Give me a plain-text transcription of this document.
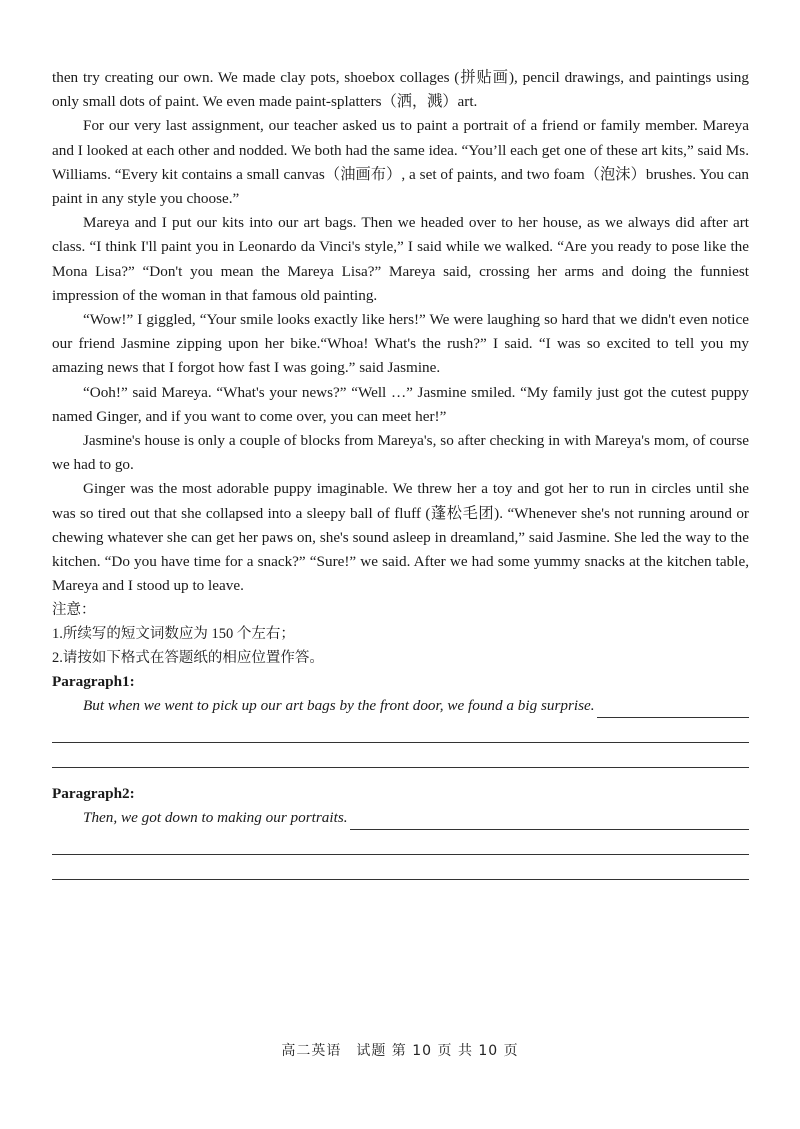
then try creating our own. We made clay pots, shoebox collages (拼贴画), pencil drawings, and paintings using only small dots of paint. We even made paint-splatters（洒，溅）art.

For our very last assignment, our teacher asked us to paint a portrait of a friend or family member. Mareya and I looked at each other and nodded. We both had the same idea. “You’ll each get one of these art kits,” said Ms. Williams. “Every kit contains a small canvas（油画布）, a set of paints, and two foam（泡沫）brushes. You can paint in any style you choose.”

Mareya and I put our kits into our art bags. Then we headed over to her house, as we always did after art class. “I think I'll paint you in Leonardo da Vinci's style,” I said while we walked. “Are you ready to pose like the Mona Lisa?” “Don't you mean the Mareya Lisa?” Mareya said, crossing her arms and doing the funniest impression of the woman in that famous old painting.

“Wow!” I giggled, “Your smile looks exactly like hers!” We were laughing so hard that we didn't even notice our friend Jasmine zipping upon her bike.“Whoa! What's the rush?” I said. “I was so excited to tell you my amazing news that I forgot how fast I was going.” said Jasmine.

“Ooh!” said Mareya. “What's your news?” “Well …” Jasmine smiled. “My family just got the cutest puppy named Ginger, and if you want to come over, you can meet her!”

Jasmine's house is only a couple of blocks from Mareya's, so after checking in with Mareya's mom, of course we had to go.

Ginger was the most adorable puppy imaginable. We threw her a toy and got her to run in circles until she was so tired out that she collapsed into a sleepy ball of fluff (蓬松毛团). “Whenever she's not running around or chewing whatever she can get her paws on, she's sound asleep in dreamland,” said Jasmine. She led the way to the kitchen. “Do you have time for a snack?” “Sure!” we said. After we had some yummy snacks at the kitchen table, Mareya and I stood up to leave.

注意：

1.所续写的短文词数应为 150 个左右；

2.请按如下格式在答题纸的相应位置作答。

Paragraph1:

But when we went to pick up our art bags by the front door, we found a big surprise.

Paragraph2:

Then, we got down to making our portraits.
高二英语　试题 第 10 页 共 10 页
